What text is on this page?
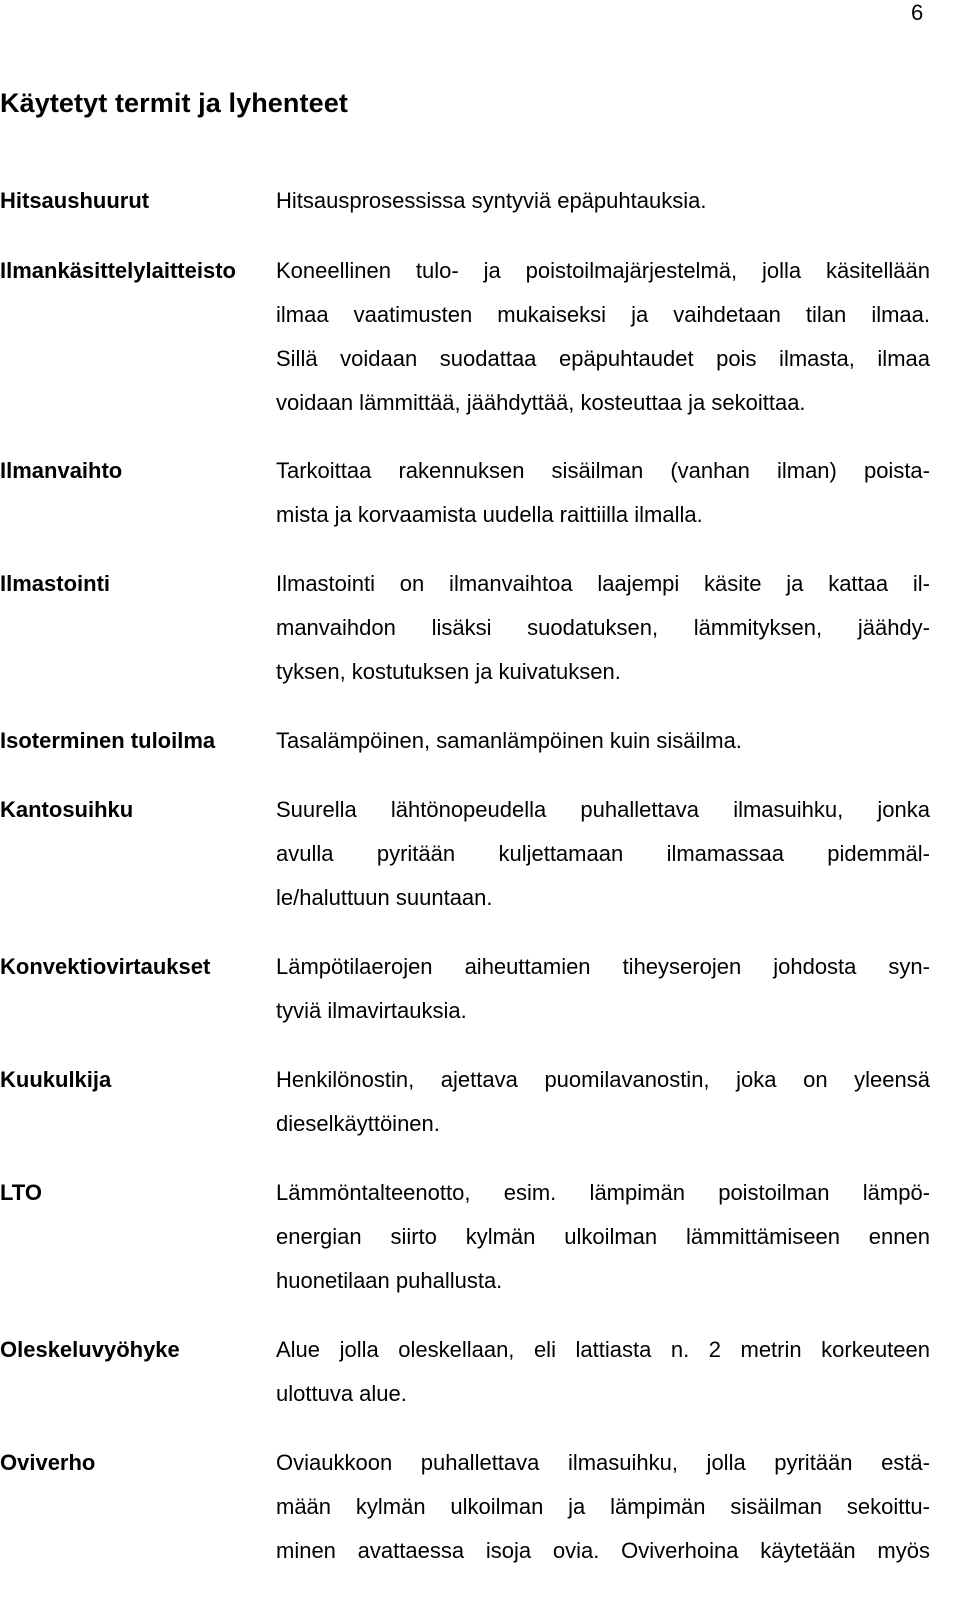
6
Käytetyt termit ja lyhenteet
Hitsaushuurut	Hitsausprosessissa syntyviä epäpuhtauksia.
Ilmankäsittelylaitteisto Koneellinen tulo- ja poistoilmajärjestelmä, jolla käsitellään
ilmaa vaatimusten mukaiseksi ja vaihdetaan tilan ilmaa.
Sillä voidaan suodattaa epäpuhtaudet pois ilmasta, ilmaa
voidaan lämmittää, jäähdyttää, kosteuttaa ja sekoittaa.
Ilmanvaihto	Tarkoittaa rakennuksen sisäilman (vanhan ilman) poista-
mista ja korvaamista uudella raittiilla ilmalla.
Ilmastointi	Ilmastointi on ilmanvaihtoa laajempi käsite ja kattaa il-
manvaihdon lisäksi suodatuksen, lämmityksen, jäähdy-
tyksen, kostutuksen ja kuivatuksen.
Isoterminen tuloilma	Tasalämpöinen, samanlämpöinen kuin sisäilma.
Kantosuihku	Suurella lähtönopeudella puhallettava ilmasuihku, jonka
avulla pyritään kuljettamaan ilmamassaa pidemmäl-
le/haluttuun suuntaan.
Konvektiovirtaukset	Lämpötilaerojen aiheuttamien tiheyserojen johdosta syn-
tyviä ilmavirtauksia.
Kuukulkija	Henkilönostin, ajettava puomilavanostin, joka on yleensä
dieselkäyttöinen.
LTO	Lämmöntalteenotto, esim. lämpimän poistoilman lämpö-
energian siirto kylmän ulkoilman lämmittämiseen ennen
huonetilaan puhallusta.
Oleskeluvyöhyke	Alue jolla oleskellaan, eli lattiasta n. 2 metrin korkeuteen
ulottuva alue.
Oviverho	Oviaukkoon puhallettava ilmasuihku, jolla pyritään estä-
mään kylmän ulkoilman ja lämpimän sisäilman sekoittu-
minen avattaessa isoja ovia. Oviverhoina käytetään myös
